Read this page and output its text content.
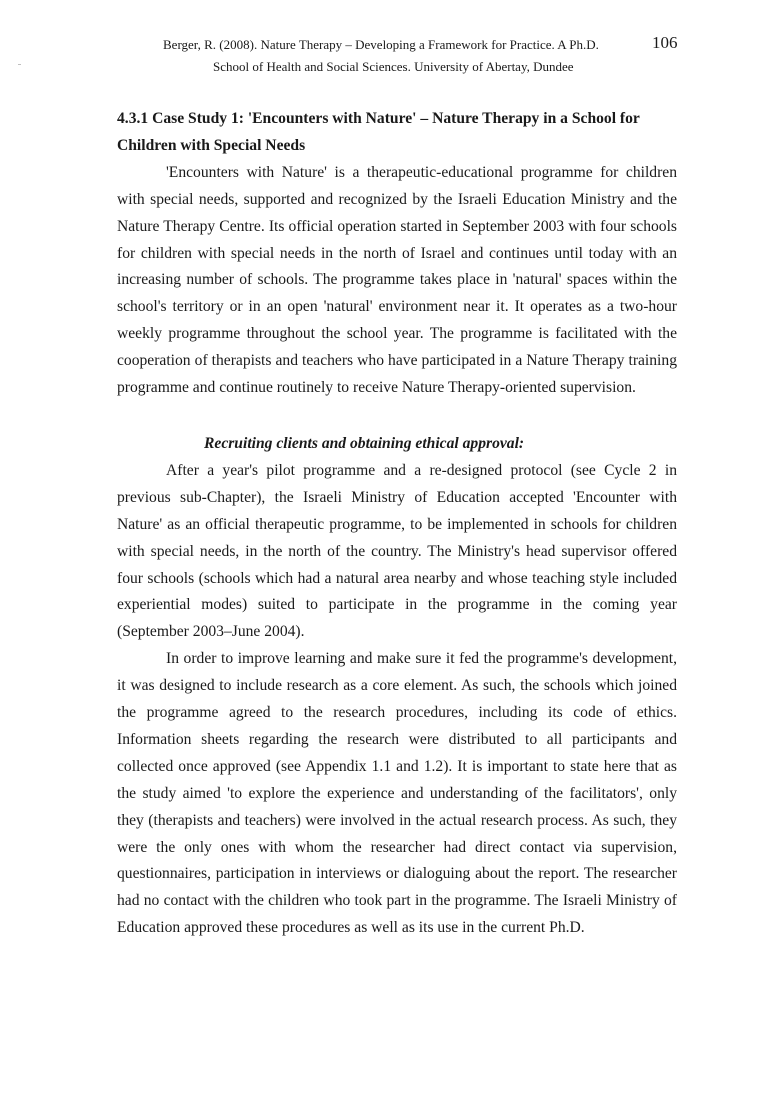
Berger, R. (2008). Nature Therapy – Developing a Framework for Practice. A Ph.D.	106
School of Health and Social Sciences. University of Abertay, Dundee
4.3.1 Case Study 1: 'Encounters with Nature' – Nature Therapy in a School for Children with Special Needs

'Encounters with Nature' is a therapeutic-educational programme for children with special needs, supported and recognized by the Israeli Education Ministry and the Nature Therapy Centre. Its official operation started in September 2003 with four schools for children with special needs in the north of Israel and continues until today with an increasing number of schools. The programme takes place in 'natural' spaces within the school's territory or in an open 'natural' environment near it. It operates as a two-hour weekly programme throughout the school year. The programme is facilitated with the cooperation of therapists and teachers who have participated in a Nature Therapy training programme and continue routinely to receive Nature Therapy-oriented supervision.

Recruiting clients and obtaining ethical approval:

After a year's pilot programme and a re-designed protocol (see Cycle 2 in previous sub-Chapter), the Israeli Ministry of Education accepted 'Encounter with Nature' as an official therapeutic programme, to be implemented in schools for children with special needs, in the north of the country. The Ministry's head supervisor offered four schools (schools which had a natural area nearby and whose teaching style included experiential modes) suited to participate in the programme in the coming year (September 2003–June 2004).

In order to improve learning and make sure it fed the programme's development, it was designed to include research as a core element. As such, the schools which joined the programme agreed to the research procedures, including its code of ethics. Information sheets regarding the research were distributed to all participants and collected once approved (see Appendix 1.1 and 1.2). It is important to state here that as the study aimed 'to explore the experience and understanding of the facilitators', only they (therapists and teachers) were involved in the actual research process. As such, they were the only ones with whom the researcher had direct contact via supervision, questionnaires, participation in interviews or dialoguing about the report. The researcher had no contact with the children who took part in the programme. The Israeli Ministry of Education approved these procedures as well as its use in the current Ph.D.
